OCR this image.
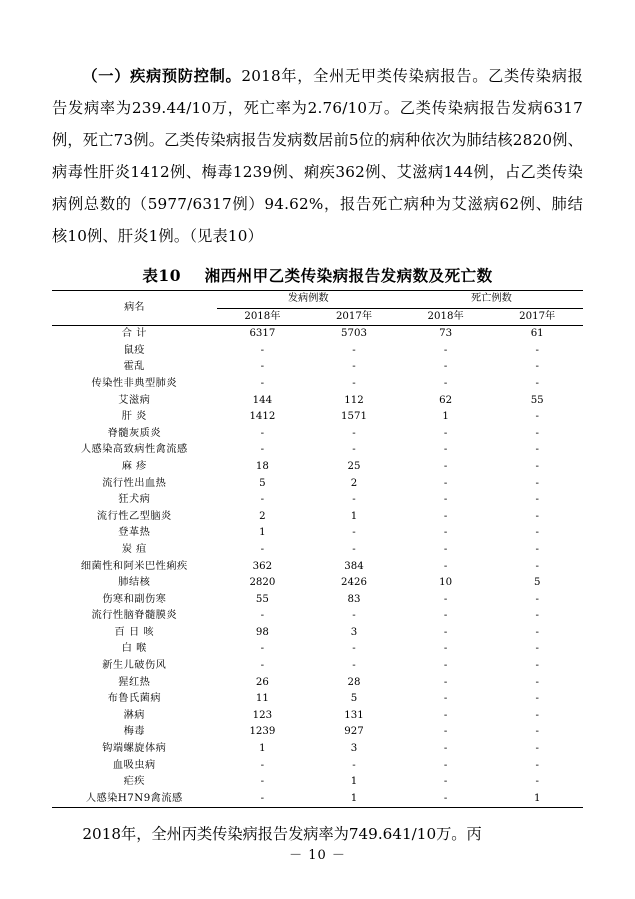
（一）疾病预防控制。2018年，全州无甲类传染病报告。乙类传染病报告发病率为239.44/10万，死亡率为2.76/10万。乙类传染病报告发病6317例，死亡73例。乙类传染病报告发病数居前5位的病种依次为肺结核2820例、病毒性肝炎1412例、梅毒1239例、痢疾362例、艾滋病144例，占乙类传染病例总数的（5977/6317例）94.62%，报告死亡病种为艾滋病62例、肺结核10例、肝炎1例。（见表10）

表10 湘西州甲乙类传染病报告发病数及死亡数
病名	发病例数		死亡例数	
	2018年	2017年	2018年	2017年
合 计	6317	5703	73	61
鼠疫	-	-	-	-
霍乱	-	-	-	-
传染性非典型肺炎	-	-	-	-
艾滋病	144	112	62	55
肝 炎	1412	1571	1	-
脊髓灰质炎	-	-	-	-
人感染高致病性禽流感	-	-	-	-
麻 疹	18	25	-	-
流行性出血热	5	2	-	-
狂犬病	-	-	-	-
流行性乙型脑炎	2	1	-	-
登革热	1	-	-	-
炭 疽	-	-	-	-
细菌性和阿米巴性痢疾	362	384	-	-
肺结核	2820	2426	10	5
伤寒和副伤寒	55	83	-	-
流行性脑脊髓膜炎	-	-	-	-
百 日 咳	98	3	-	-
白 喉	-	-	-	-
新生儿破伤风	-	-	-	-
猩红热	26	28	-	-
布鲁氏菌病	11	5	-	-
淋病	123	131	-	-
梅毒	1239	927	-	-
钩端螺旋体病	1	3	-	-
血吸虫病	-	-	-	-
疟疾	-	1	-	-
人感染H7N9禽流感	-	1	-	1

2018年，全州丙类传染病报告发病率为749.641/10万。丙

－ 10 －
